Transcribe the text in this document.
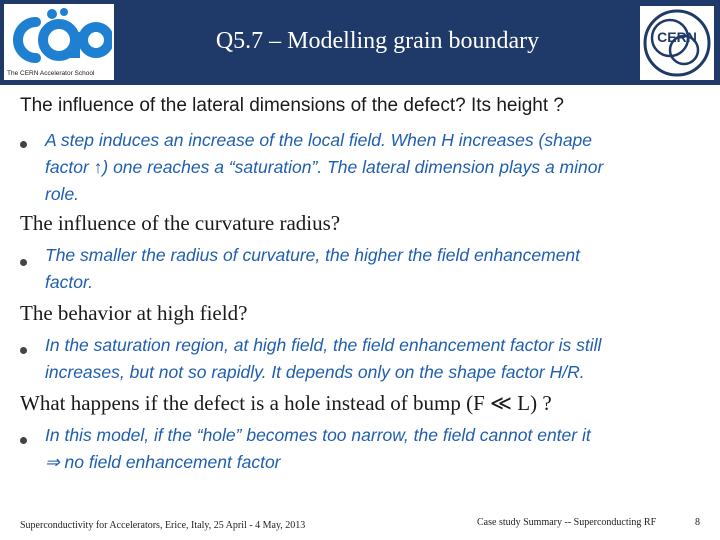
The CERN Accelerator School
Q5.7 – Modelling grain boundary	CERN
The influence of the lateral dimensions of the defect? Its height ?
A step induces an increase of the local field. When H increases (shape
factor ↑) one reaches a “saturation”. The lateral dimension plays a minor
role.
The influence of the curvature radius?
The smaller the radius of curvature, the higher the field enhancement
factor.
The behavior at high field?
In the saturation region, at high field, the field enhancement factor is still
increases, but not so rapidly. It depends only on the shape factor H/R.
What happens if the defect is a hole instead of bump (F ≪ L) ?
In this model, if the “hole” becomes too narrow, the field cannot enter it
⇒ no field enhancement factor
Superconductivity for Accelerators, Erice, Italy, 25 April - 4 May, 2013	Case study Summary -- Superconducting RF	8
